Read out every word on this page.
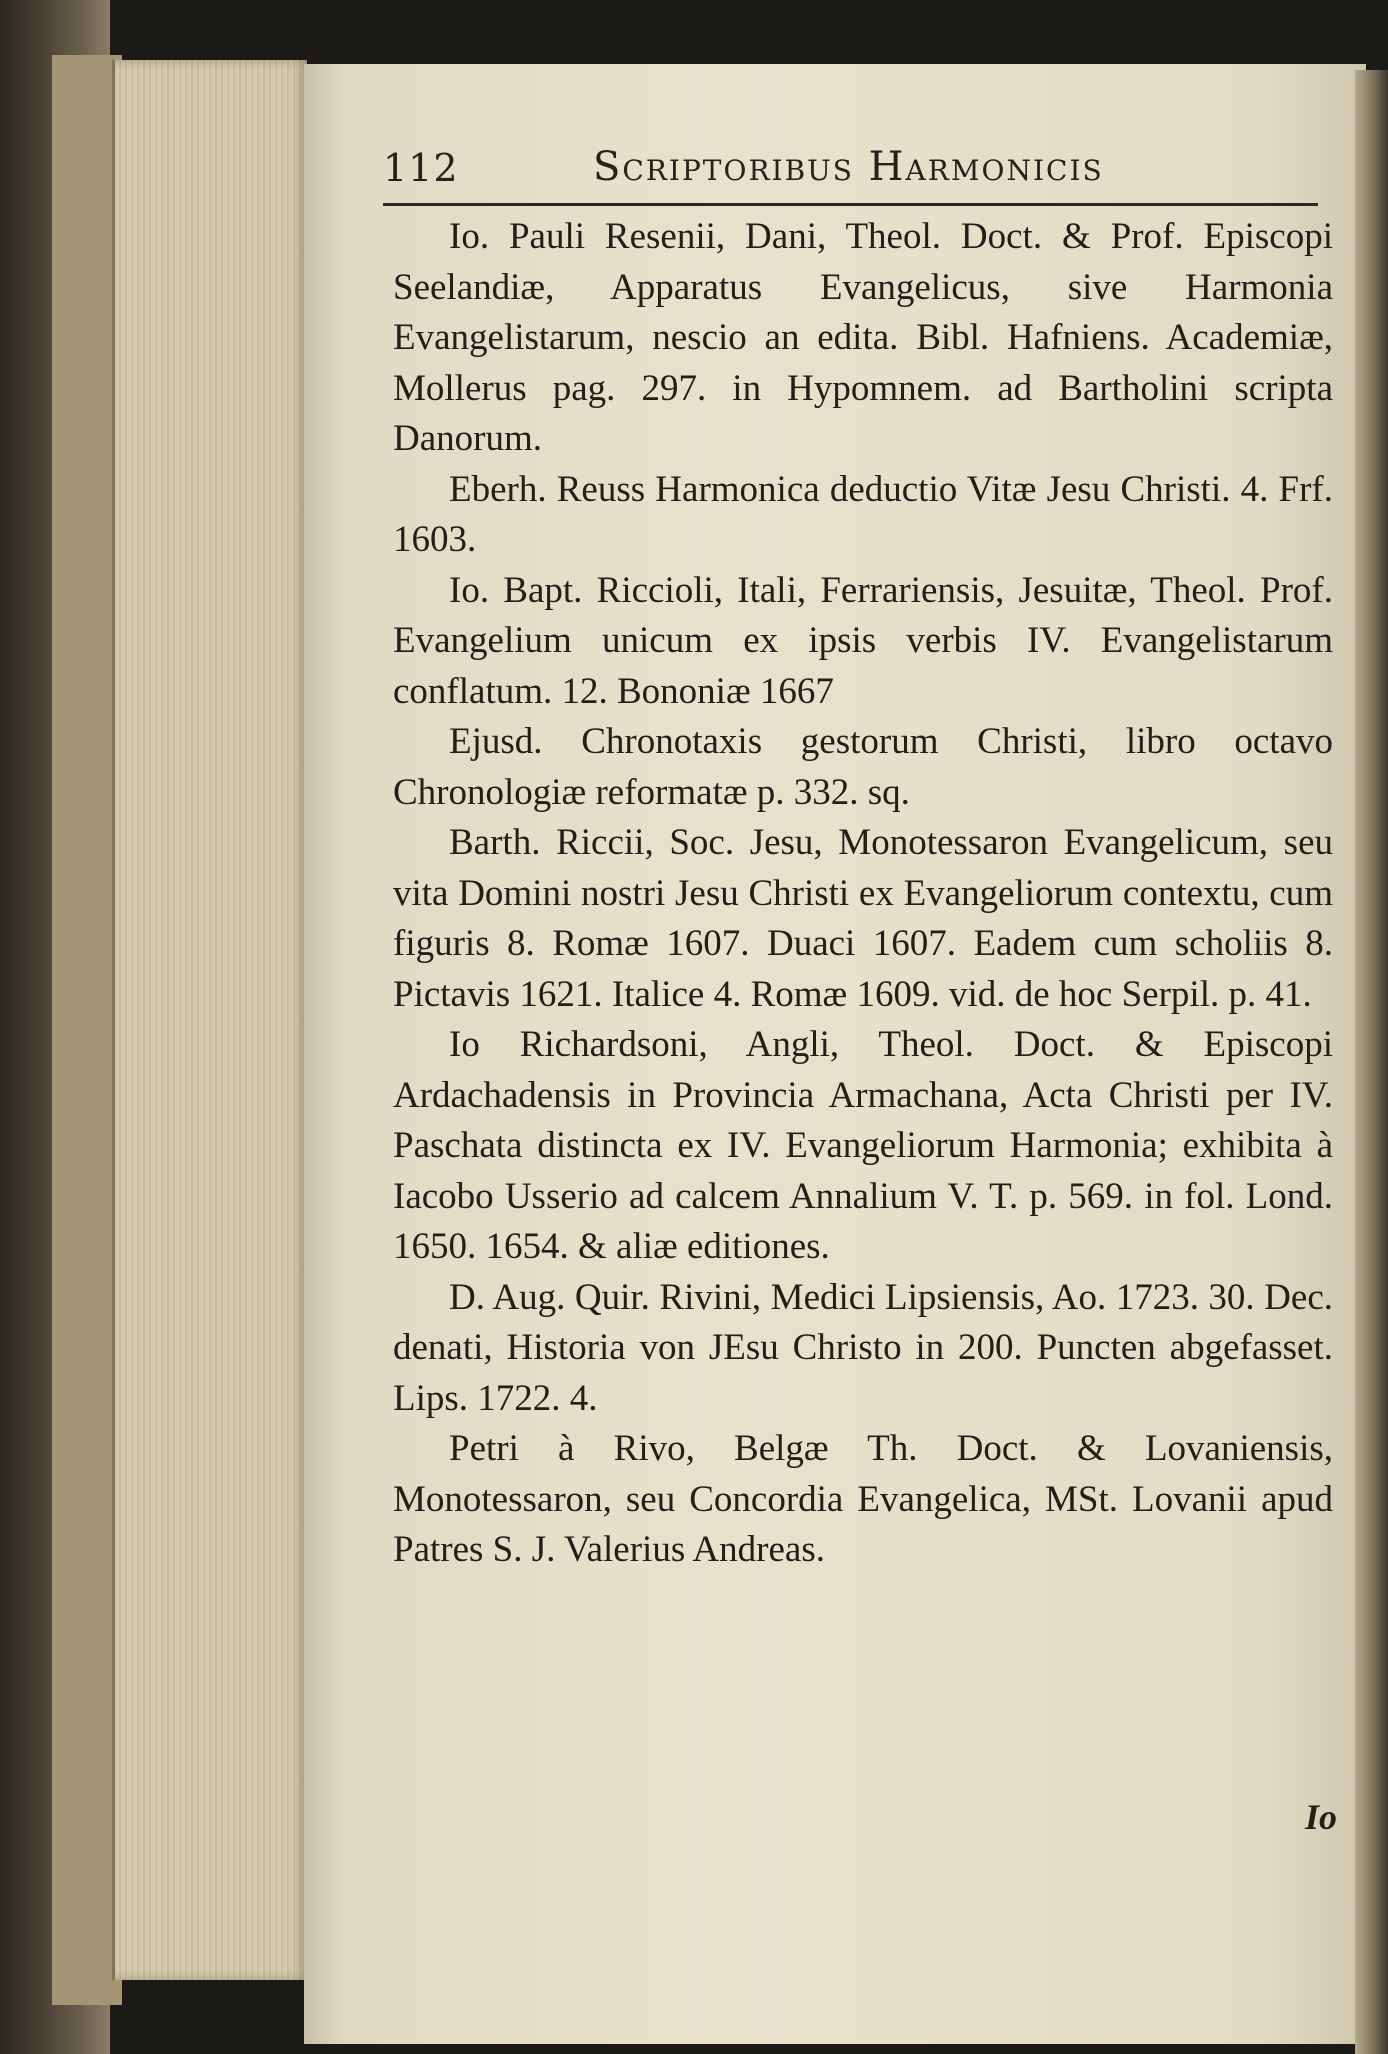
112	Scriptoribus Harmonicis

Io. Pauli Resenii, Dani, Theol. Doct. & Prof. Episcopi Seelandiæ, Apparatus Evangelicus, sive Harmonia Evangelistarum, nescio an edita. Bibl. Hafniens. Academiæ, Mollerus pag. 297. in Hypomnem. ad Bartholini scripta Danorum.

Eberh. Reuss Harmonica deductio Vitæ Jesu Christi. 4. Frf. 1603.

Io. Bapt. Riccioli, Itali, Ferrariensis, Jesuitæ, Theol. Prof. Evangelium unicum ex ipsis verbis IV. Evangelistarum conflatum. 12. Bononiæ 1667

Ejusd. Chronotaxis gestorum Christi, libro octavo Chronologiæ reformatæ p. 332. sq.

Barth. Riccii, Soc. Jesu, Monotessaron Evangelicum, seu vita Domini nostri Jesu Christi ex Evangeliorum contextu, cum figuris 8. Romæ 1607. Duaci 1607. Eadem cum scholiis 8. Pictavis 1621. Italice 4. Romæ 1609. vid. de hoc Serpil. p. 41.

Io Richardsoni, Angli, Theol. Doct. & Episcopi Ardachadensis in Provincia Armachana, Acta Christi per IV. Paschata distincta ex IV. Evangeliorum Harmonia; exhibita à Iacobo Usserio ad calcem Annalium V. T. p. 569. in fol. Lond. 1650. 1654. & aliæ editiones.

D. Aug. Quir. Rivini, Medici Lipsiensis, Ao. 1723. 30. Dec. denati, Historia von JEsu Christo in 200. Puncten abgefasset. Lips. 1722. 4.

Petri à Rivo, Belgæ Th. Doct. & Lovaniensis, Monotessaron, seu Concordia Evangelica, MSt. Lovanii apud Patres S. J. Valerius Andreas.

Io
